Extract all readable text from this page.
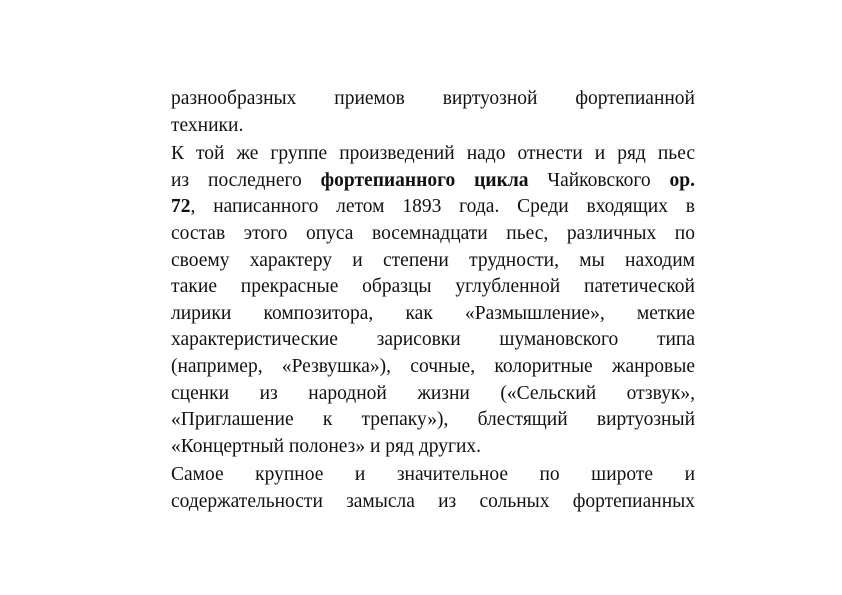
разнообразных приемов виртуозной фортепианной
техники.
К той же группе произведений надо отнести и ряд пьес
из последнего фортепианного цикла Чайковского op.
72, написанного летом 1893 года. Среди входящих в
состав этого опуса восемнадцати пьес, различных по
своему характеру и степени трудности, мы находим
такие прекрасные образцы углубленной патетической
лирики композитора, как «Размышление», меткие
характеристические зарисовки шумановского типа
(например, «Резвушка»), сочные, колоритные жанровые
сценки из народной жизни («Сельский отзвук»,
«Приглашение к трепаку»), блестящий виртуозный
«Концертный полонез» и ряд других.
Самое крупное и значительное по широте и
содержательности замысла из сольных фортепианных
